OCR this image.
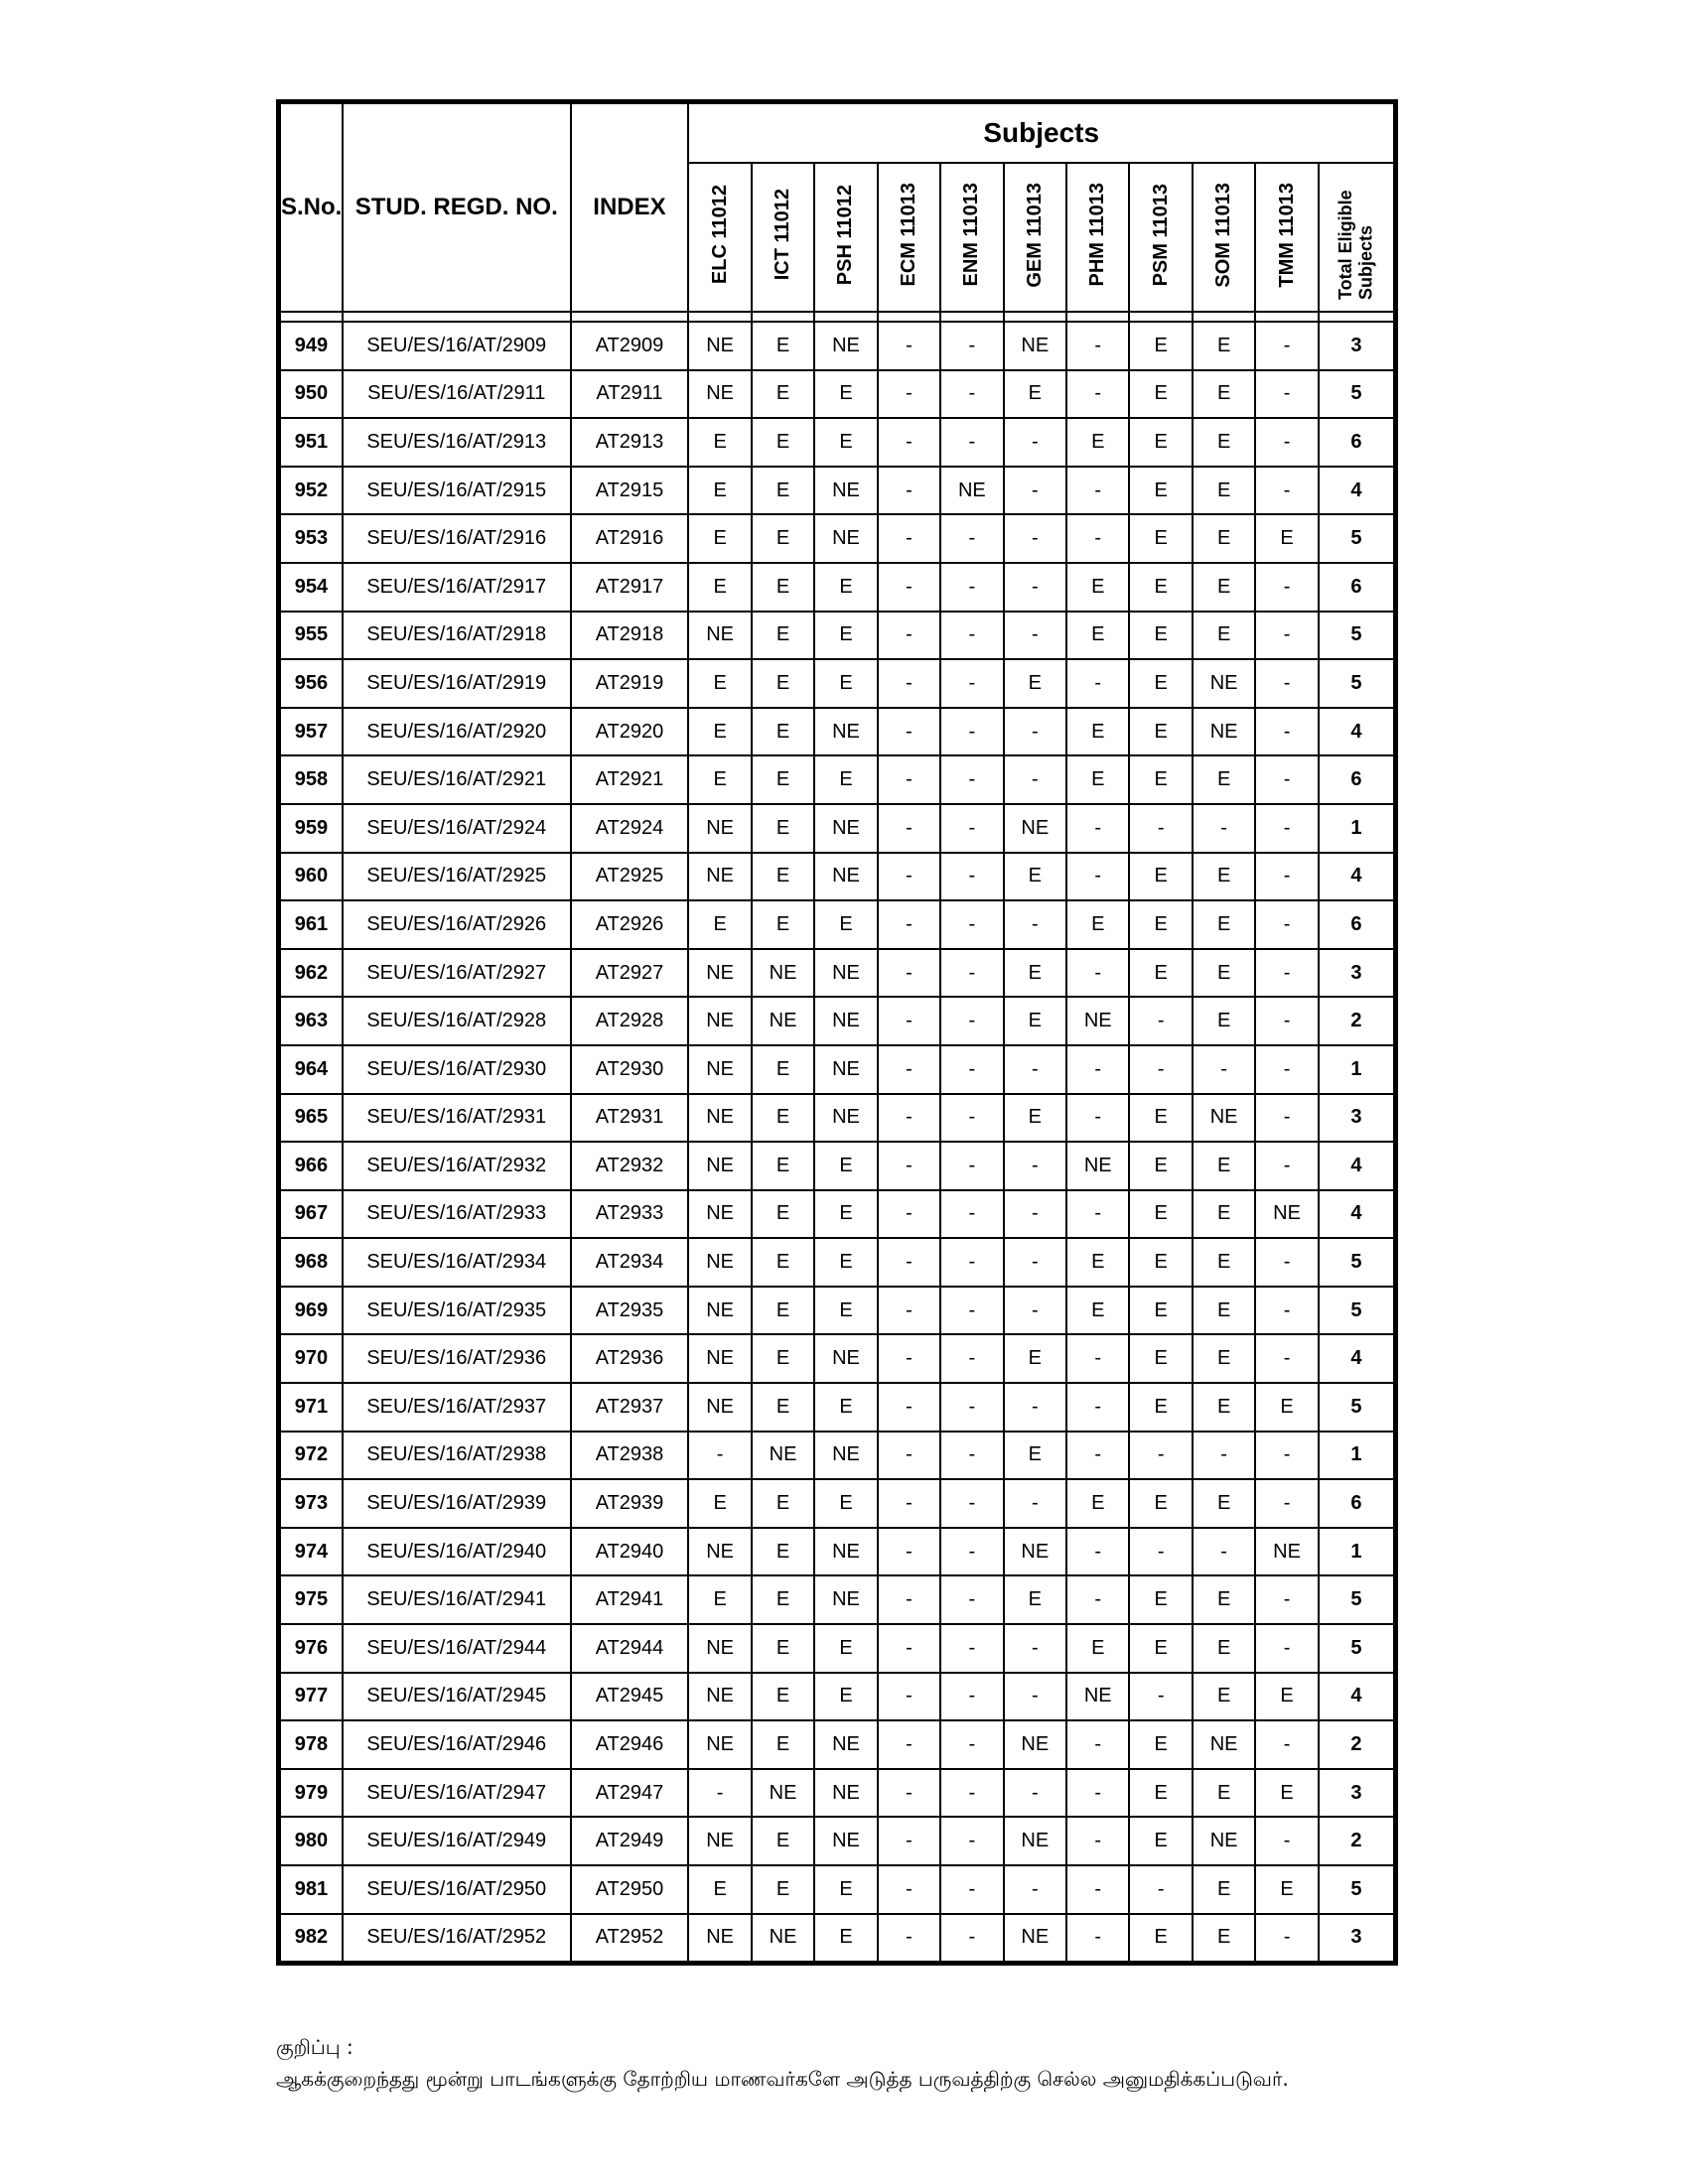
S.No.	STUD. REGD. NO.	INDEX	Subjects										
			ELC 11012	ICT 11012	PSH 11012	ECM 11013	ENM 11013	GEM 11013	PHM 11013	PSM 11013	SOM 11013	TMM 11013	Total Eligible Subjects

949	SEU/ES/16/AT/2909	AT2909	NE	E	NE	-	-	NE	-	E	E	-	3
950	SEU/ES/16/AT/2911	AT2911	NE	E	E	-	-	E	-	E	E	-	5
951	SEU/ES/16/AT/2913	AT2913	E	E	E	-	-	-	E	E	E	-	6
952	SEU/ES/16/AT/2915	AT2915	E	E	NE	-	NE	-	-	E	E	-	4
953	SEU/ES/16/AT/2916	AT2916	E	E	NE	-	-	-	-	E	E	E	5
954	SEU/ES/16/AT/2917	AT2917	E	E	E	-	-	-	E	E	E	-	6
955	SEU/ES/16/AT/2918	AT2918	NE	E	E	-	-	-	E	E	E	-	5
956	SEU/ES/16/AT/2919	AT2919	E	E	E	-	-	E	-	E	NE	-	5
957	SEU/ES/16/AT/2920	AT2920	E	E	NE	-	-	-	E	E	NE	-	4
958	SEU/ES/16/AT/2921	AT2921	E	E	E	-	-	-	E	E	E	-	6
959	SEU/ES/16/AT/2924	AT2924	NE	E	NE	-	-	NE	-	-	-	-	1
960	SEU/ES/16/AT/2925	AT2925	NE	E	NE	-	-	E	-	E	E	-	4
961	SEU/ES/16/AT/2926	AT2926	E	E	E	-	-	-	E	E	E	-	6
962	SEU/ES/16/AT/2927	AT2927	NE	NE	NE	-	-	E	-	E	E	-	3
963	SEU/ES/16/AT/2928	AT2928	NE	NE	NE	-	-	E	NE	-	E	-	2
964	SEU/ES/16/AT/2930	AT2930	NE	E	NE	-	-	-	-	-	-	-	1
965	SEU/ES/16/AT/2931	AT2931	NE	E	NE	-	-	E	-	E	NE	-	3
966	SEU/ES/16/AT/2932	AT2932	NE	E	E	-	-	-	NE	E	E	-	4
967	SEU/ES/16/AT/2933	AT2933	NE	E	E	-	-	-	-	E	E	NE	4
968	SEU/ES/16/AT/2934	AT2934	NE	E	E	-	-	-	E	E	E	-	5
969	SEU/ES/16/AT/2935	AT2935	NE	E	E	-	-	-	E	E	E	-	5
970	SEU/ES/16/AT/2936	AT2936	NE	E	NE	-	-	E	-	E	E	-	4
971	SEU/ES/16/AT/2937	AT2937	NE	E	E	-	-	-	-	E	E	E	5
972	SEU/ES/16/AT/2938	AT2938	-	NE	NE	-	-	E	-	-	-	-	1
973	SEU/ES/16/AT/2939	AT2939	E	E	E	-	-	-	E	E	E	-	6
974	SEU/ES/16/AT/2940	AT2940	NE	E	NE	-	-	NE	-	-	-	NE	1
975	SEU/ES/16/AT/2941	AT2941	E	E	NE	-	-	E	-	E	E	-	5
976	SEU/ES/16/AT/2944	AT2944	NE	E	E	-	-	-	E	E	E	-	5
977	SEU/ES/16/AT/2945	AT2945	NE	E	E	-	-	-	NE	-	E	E	4
978	SEU/ES/16/AT/2946	AT2946	NE	E	NE	-	-	NE	-	E	NE	-	2
979	SEU/ES/16/AT/2947	AT2947	-	NE	NE	-	-	-	-	E	E	E	3
980	SEU/ES/16/AT/2949	AT2949	NE	E	NE	-	-	NE	-	E	NE	-	2
981	SEU/ES/16/AT/2950	AT2950	E	E	E	-	-	-	-	-	E	E	5
982	SEU/ES/16/AT/2952	AT2952	NE	NE	E	-	-	NE	-	E	E	-	3
குறிப்பு :
ஆகக்குறைந்தது மூன்று பாடங்களுக்கு தோற்றிய மாணவர்களே அடுத்த பருவத்திற்கு செல்ல அனுமதிக்கப்படுவர்.
